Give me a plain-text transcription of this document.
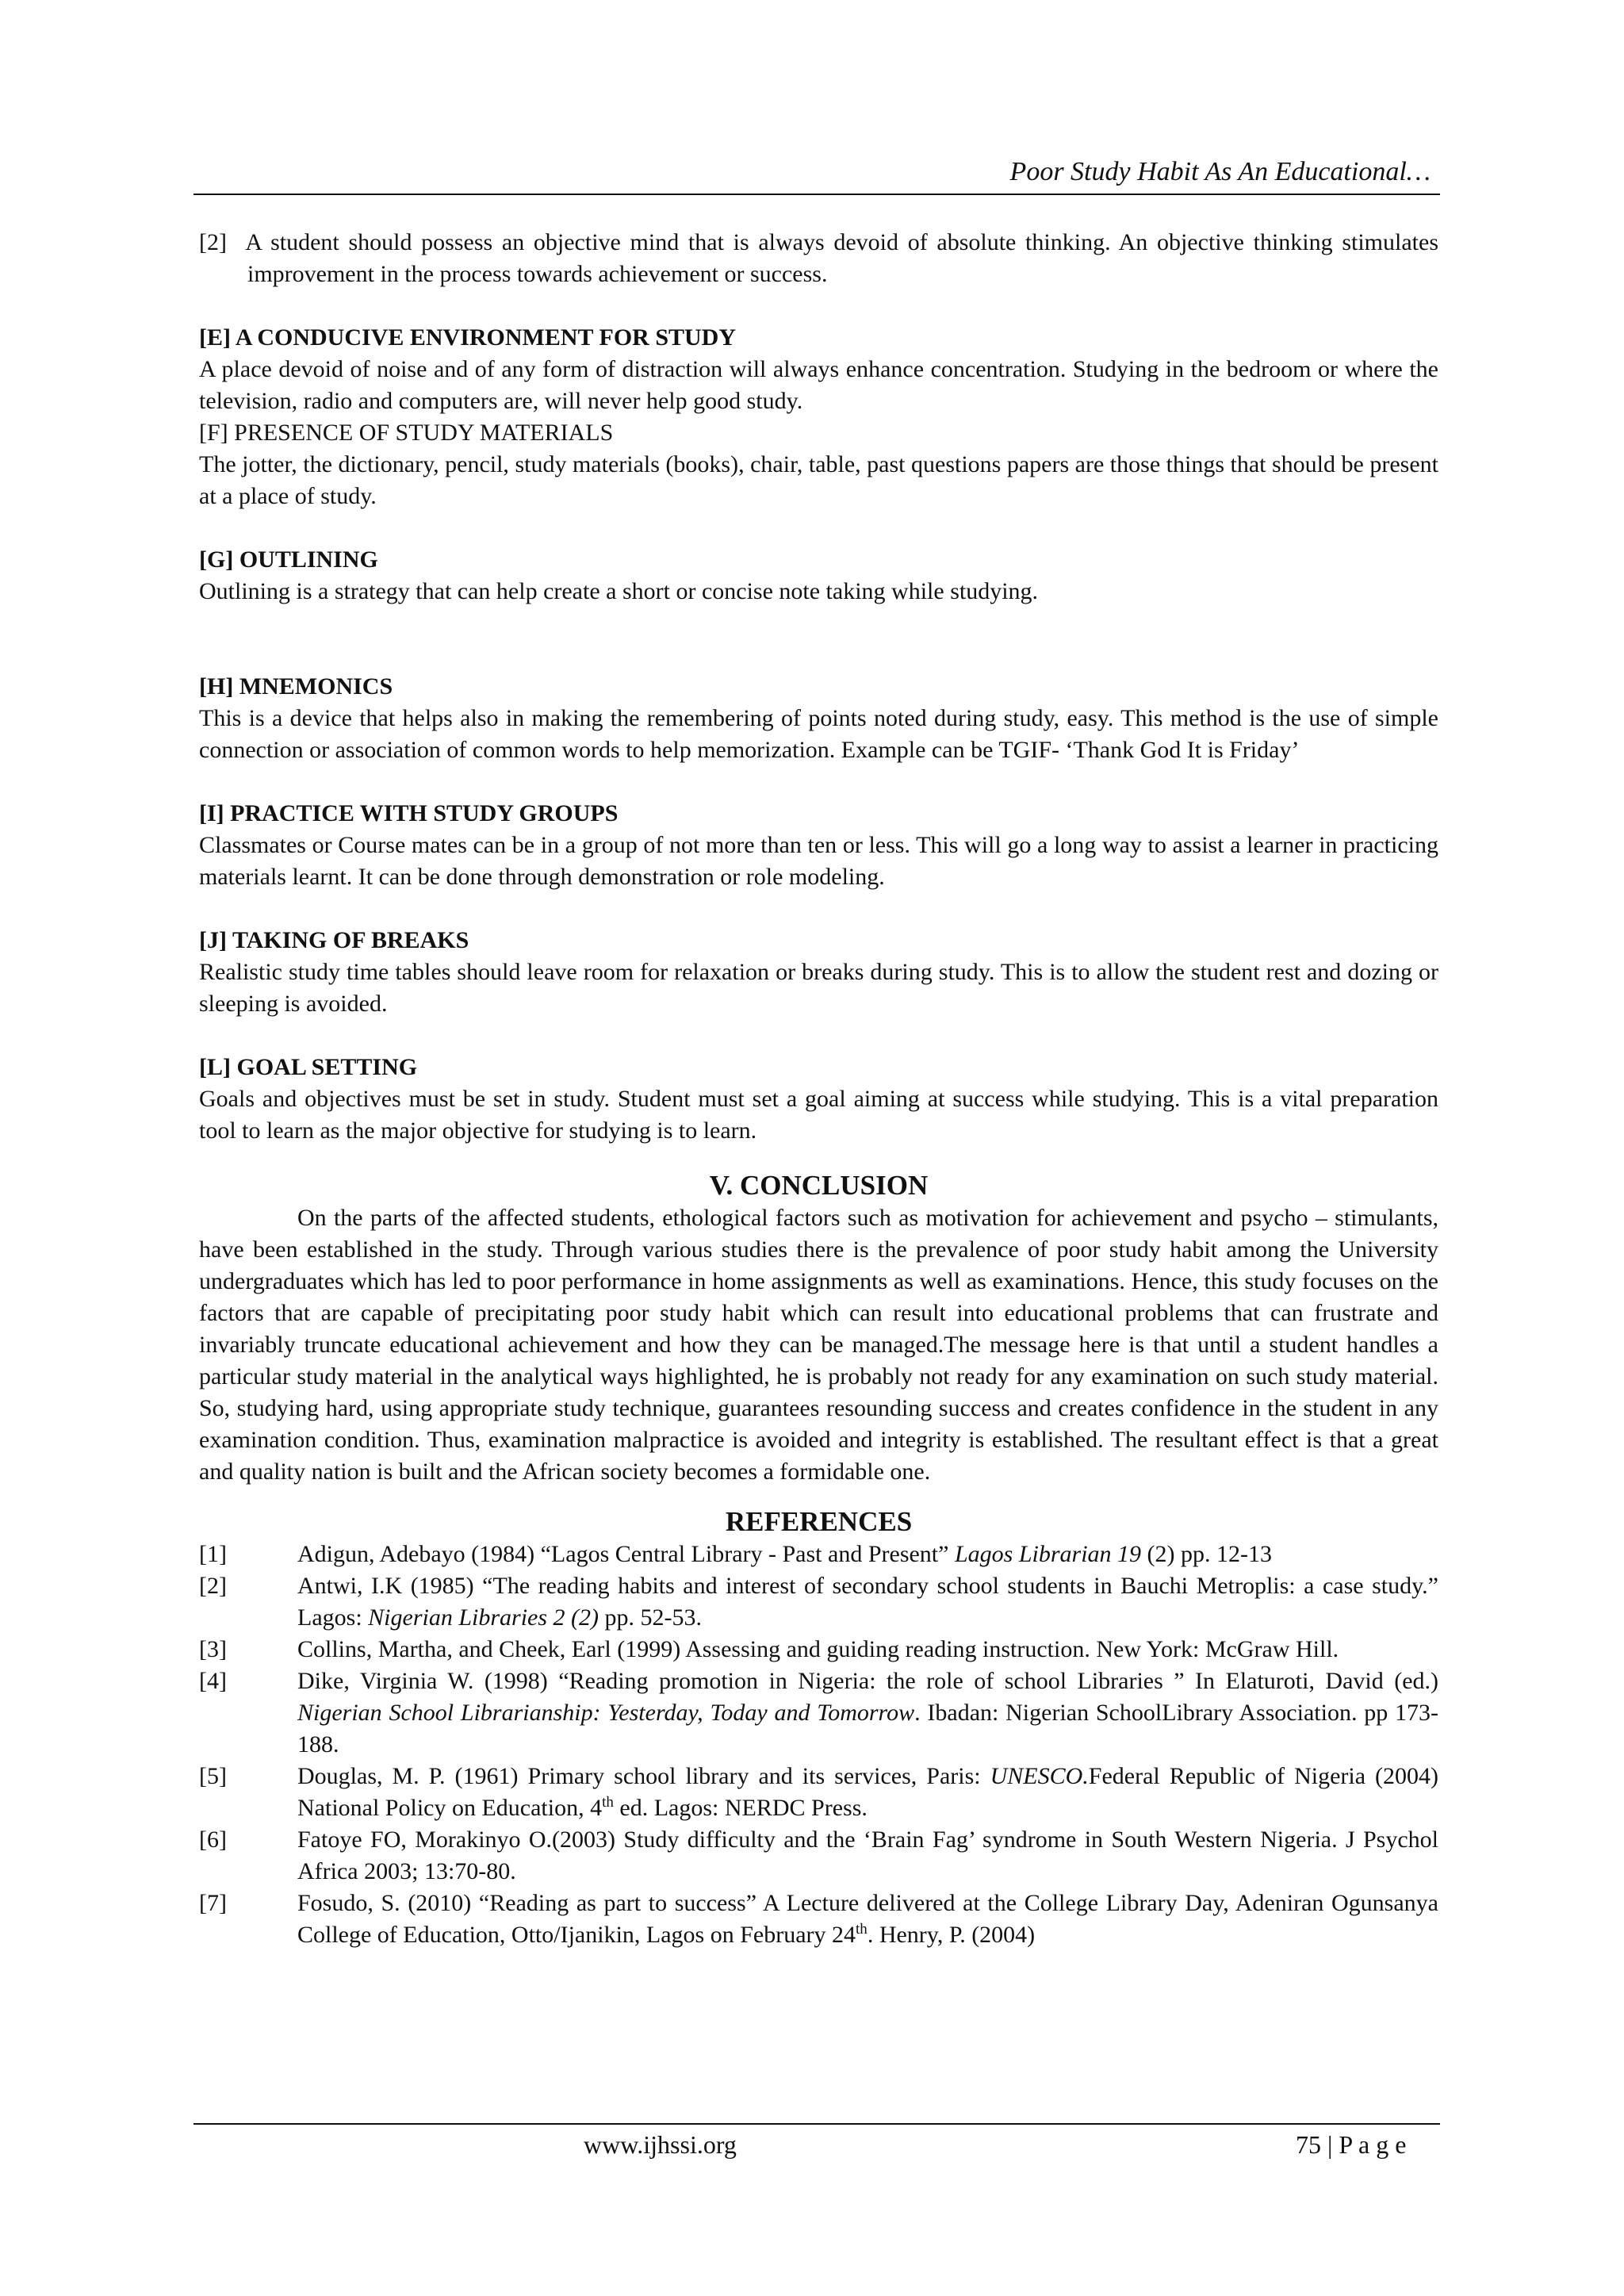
Poor Study Habit As An Educational…

[2] A student should possess an objective mind that is always devoid of absolute thinking. An objective thinking stimulates improvement in the process towards achievement or success.

[E] A CONDUCIVE ENVIRONMENT FOR STUDY

A place devoid of noise and of any form of distraction will always enhance concentration. Studying in the bedroom or where the television, radio and computers are, will never help good study.

[F] PRESENCE OF STUDY MATERIALS

The jotter, the dictionary, pencil, study materials (books), chair, table, past questions papers are those things that should be present at a place of study.

[G] OUTLINING

Outlining is a strategy that can help create a short or concise note taking while studying.

[H] MNEMONICS

This is a device that helps also in making the remembering of points noted during study, easy. This method is the use of simple connection or association of common words to help memorization. Example can be TGIF- ‘Thank God It is Friday’

[I] PRACTICE WITH STUDY GROUPS

Classmates or Course mates can be in a group of not more than ten or less. This will go a long way to assist a learner in practicing materials learnt. It can be done through demonstration or role modeling.

[J] TAKING OF BREAKS

Realistic study time tables should leave room for relaxation or breaks during study. This is to allow the student rest and dozing or sleeping is avoided.

[L] GOAL SETTING

Goals and objectives must be set in study. Student must set a goal aiming at success while studying. This is a vital preparation tool to learn as the major objective for studying is to learn.

V. CONCLUSION

On the parts of the affected students, ethological factors such as motivation for achievement and psycho – stimulants, have been established in the study. Through various studies there is the prevalence of poor study habit among the University undergraduates which has led to poor performance in home assignments as well as examinations. Hence, this study focuses on the factors that are capable of precipitating poor study habit which can result into educational problems that can frustrate and invariably truncate educational achievement and how they can be managed.The message here is that until a student handles a particular study material in the analytical ways highlighted, he is probably not ready for any examination on such study material. So, studying hard, using appropriate study technique, guarantees resounding success and creates confidence in the student in any examination condition. Thus, examination malpractice is avoided and integrity is established. The resultant effect is that a great and quality nation is built and the African society becomes a formidable one.

REFERENCES

[1]	Adigun, Adebayo (1984) “Lagos Central Library - Past and Present” Lagos Librarian 19 (2) pp. 12-13
[2]	Antwi, I.K (1985) “The reading habits and interest of secondary school students in Bauchi Metroplis: a case study.” Lagos: Nigerian Libraries 2 (2) pp. 52-53.
[3]	Collins, Martha, and Cheek, Earl (1999) Assessing and guiding reading instruction. New York: McGraw Hill.
[4]	Dike, Virginia W. (1998) “Reading promotion in Nigeria: the role of school Libraries ” In Elaturoti, David (ed.) Nigerian School Librarianship: Yesterday, Today and Tomorrow. Ibadan: Nigerian SchoolLibrary Association. pp 173-188.
[5]	Douglas, M. P. (1961) Primary school library and its services, Paris: UNESCO.Federal Republic of Nigeria (2004) National Policy on Education, 4th ed. Lagos: NERDC Press.
[6]	Fatoye FO, Morakinyo O.(2003) Study difficulty and the ‘Brain Fag’ syndrome in South Western Nigeria. J Psychol Africa 2003; 13:70-80.
[7]	Fosudo, S. (2010) “Reading as part to success” A Lecture delivered at the College Library Day, Adeniran Ogunsanya College of Education, Otto/Ijanikin, Lagos on February 24th. Henry, P. (2004)
www.ijhssi.org	75 | P a g e
